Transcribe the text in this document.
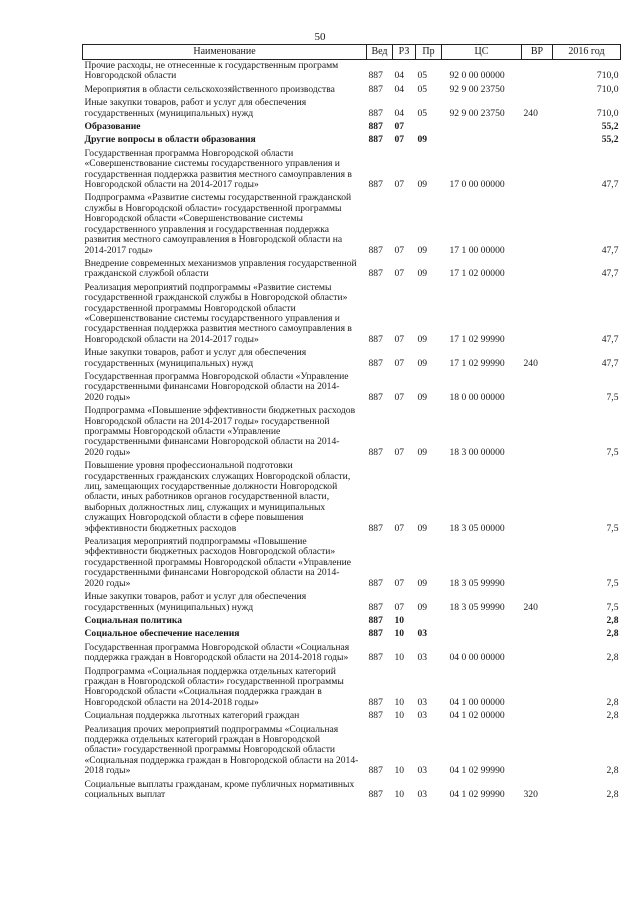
50
Наименование	Вед	РЗ	Пр	ЦС	ВР	2016 год
Прочие расходы, не отнесенные к государственным программ Новгородской области	887	04	05	92 0 00 00000		710,0
Мероприятия в области сельскохозяйственного производства	887	04	05	92 9 00 23750		710,0
Иные закупки товаров, работ и услуг для обеспечения государственных (муниципальных) нужд	887	04	05	92 9 00 23750	240	710,0
Образование	887	07				55,2
Другие вопросы в области образования	887	07	09			55,2
Государственная программа Новгородской области «Совершенствование системы государственного управления и государственная поддержка развития местного самоуправления в Новгородской области на 2014-2017 годы»	887	07	09	17 0 00 00000		47,7
Подпрограмма «Развитие системы государственной гражданской службы в Новгородской области» государственной программы Новгородской области «Совершенствование системы государственного управления и государственная поддержка развития местного самоуправления в Новгородской области на 2014-2017 годы»	887	07	09	17 1 00 00000		47,7
Внедрение современных механизмов управления государственной гражданской службой области	887	07	09	17 1 02 00000		47,7
Реализация мероприятий подпрограммы «Развитие системы государственной гражданской службы в Новгородской области» государственной программы Новгородской области «Совершенствование системы государственного управления и государственная поддержка развития местного самоуправления в Новгородской области на 2014-2017 годы»	887	07	09	17 1 02 99990		47,7
Иные закупки товаров, работ и услуг для обеспечения государственных (муниципальных) нужд	887	07	09	17 1 02 99990	240	47,7
Государственная программа Новгородской области «Управление государственными финансами Новгородской области на 2014-2020 годы»	887	07	09	18 0 00 00000		7,5
Подпрограмма «Повышение эффективности бюджетных расходов Новгородской области на 2014-2017 годы» государственной программы Новгородской области «Управление государственными финансами Новгородской области на 2014-2020 годы»	887	07	09	18 3 00 00000		7,5
Повышение уровня профессиональной подготовки государственных гражданских служащих Новгородской области, лиц, замещающих государственные должности Новгородской области, иных работников органов государственной власти, выборных должностных лиц, служащих и муниципальных служащих Новгородской области в сфере повышения эффективности бюджетных расходов	887	07	09	18 3 05 00000		7,5
Реализация мероприятий подпрограммы «Повышение эффективности бюджетных расходов Новгородской области» государственной программы Новгородской области «Управление государственными финансами Новгородской области на 2014-2020 годы»	887	07	09	18 3 05 99990		7,5
Иные закупки товаров, работ и услуг для обеспечения государственных (муниципальных) нужд	887	07	09	18 3 05 99990	240	7,5
Социальная политика	887	10				2,8
Социальное обеспечение населения	887	10	03			2,8
Государственная программа Новгородской области «Социальная поддержка граждан в Новгородской области на 2014-2018 годы»	887	10	03	04 0 00 00000		2,8
Подпрограмма «Социальная поддержка отдельных категорий граждан в Новгородской области» государственной программы Новгородской области «Социальная поддержка граждан в Новгородской области на 2014-2018 годы»	887	10	03	04 1 00 00000		2,8
Социальная поддержка льготных категорий граждан	887	10	03	04 1 02 00000		2,8
Реализация прочих мероприятий подпрограммы «Социальная поддержка отдельных категорий граждан в Новгородской области» государственной программы Новгородской области «Социальная поддержка граждан в Новгородской области на 2014-2018 годы»	887	10	03	04 1 02 99990		2,8
Социальные выплаты гражданам, кроме публичных нормативных социальных выплат	887	10	03	04 1 02 99990	320	2,8
